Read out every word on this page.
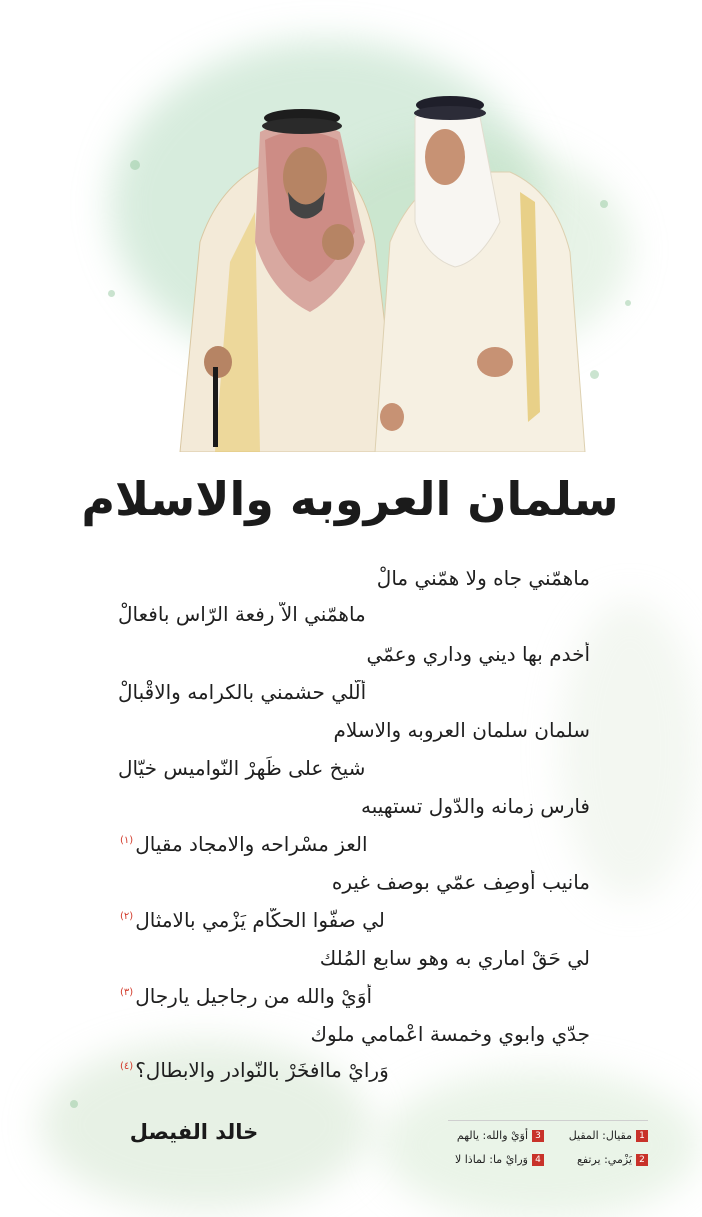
سلمان العروبه والاسلام
ماهمّني جاه ولا همّني مالْ
ماهمّني الاّ رفعة الرّاس بافعالْ
أخدم بها ديني وداري وعمّي
ألّلي حشمني بالكرامه والاقْبالْ
سلمان سلمان العروبه والاسلام
شيخ على ظَهرْ النّواميس خيّال
فارس زمانه والدّول تستهيبه
العز مسْراحه والامجاد مقيال$^{(١)}$
مانيب أوصِف عمّي بوصف غيره
لي صفّوا الحكّام يَزْمي بالامثال$^{(٢)}$
لي حَقْ اماري به وهو سابع المُلك
أوَيْ والله من رجاجيل يارجال$^{(٣)}$
جدّي وابوي وخمسة اعْمامي ملوك
وَرايْ ماافخَرْ بالنّوادر والابطال؟$^{(٤)}$
خالد الفيصل	1
مقيال: المقيل
2
يَزْمي: يرتفع
3
أوَيْ والله: يالهم
4
وَرايْ ما: لماذا لا
